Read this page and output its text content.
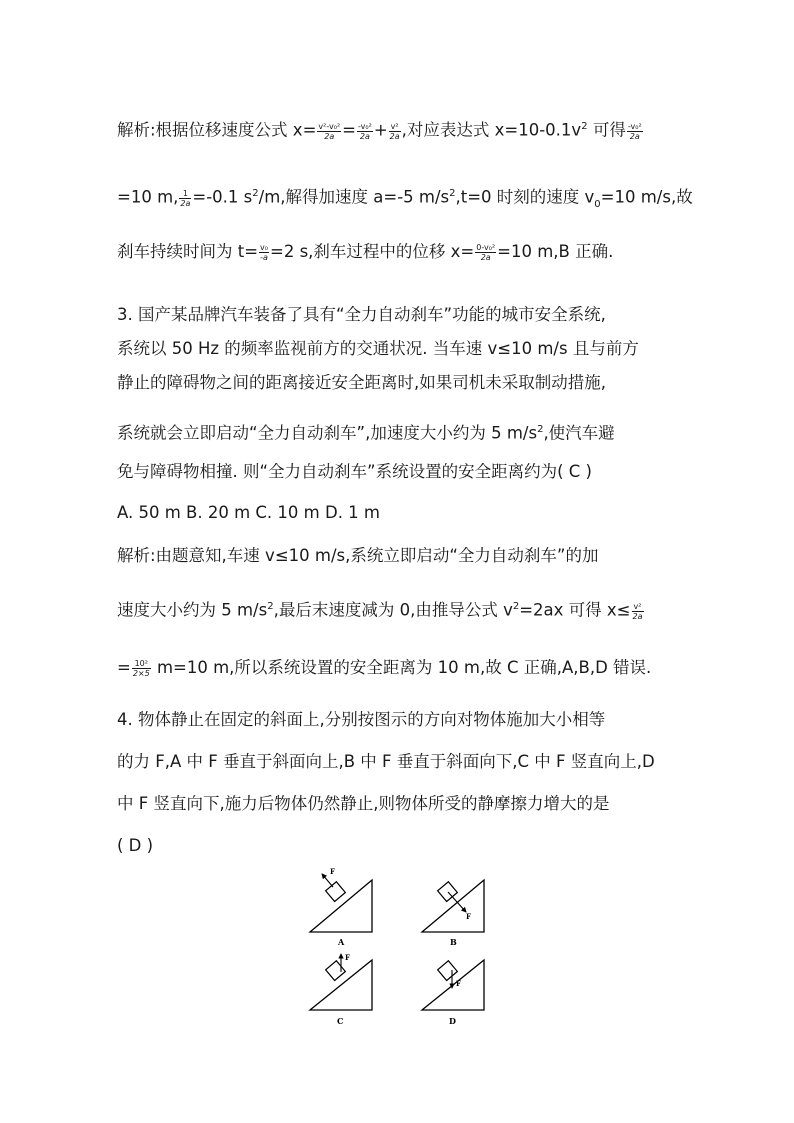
解析:根据位移速度公式 $x= \frac{\text{v²-v₀²}}{2a} = \frac{\text{-v₀²}}{2a} + \frac{\text{v²}}{2a}$ ,对应表达式 $x=10-0.1v^2$ 可得 $\frac{\text{-v₀²}}{2a}$
=10 m, $\frac{1}{2a} =-0.1$ $s^2/m$,解得加速度 a=-5 $m/s^2,t=0$ 时刻的速度 $v_0=10$ m/s,故
刹车持续时间为 $t= \frac{\text{v₀}}{-a} =2$ s,刹车过程中的位移 $x= \frac{\text{0-v₀²}}{2a} =10$ m,B 正确.
3. 国产某品牌汽车装备了具有“全力自动刹车”功能的城市安全系统,
系统以 50 Hz 的频率监视前方的交通状况. 当车速 v≤10 m/s 且与前方
静止的障碍物之间的距离接近安全距离时,如果司机未采取制动措施,
系统就会立即启动“全力自动刹车”,加速度大小约为 5 $m/s^2$,使汽车避
免与障碍物相撞. 则“全力自动刹车”系统设置的安全距离约为( C )
A. 50 m B. 20 m C. 10 m D. 1 m
解析:由题意知,车速 v≤10 m/s,系统立即启动“全力自动刹车”的加
速度大小约为 5 $m/s^2$,最后末速度减为 0,由推导公式 $v^2=2ax$ 可得 $x\le \frac{\text{v²}}{2a}$
= $\frac{\text{10²}}{2\times 5} m=10$ m,所以系统设置的安全距离为 10 m,故 C 正确,A,B,D 错误.
4. 物体静止在固定的斜面上,分别按图示的方向对物体施加大小相等
的力 F,A 中 F 垂直于斜面向上,B 中 F 垂直于斜面向下,C 中 F 竖直向上,D
中 F 竖直向下,施力后物体仍然静止,则物体所受的静摩擦力增大的是
( D )
F
A
F
B
F
C
F
D
